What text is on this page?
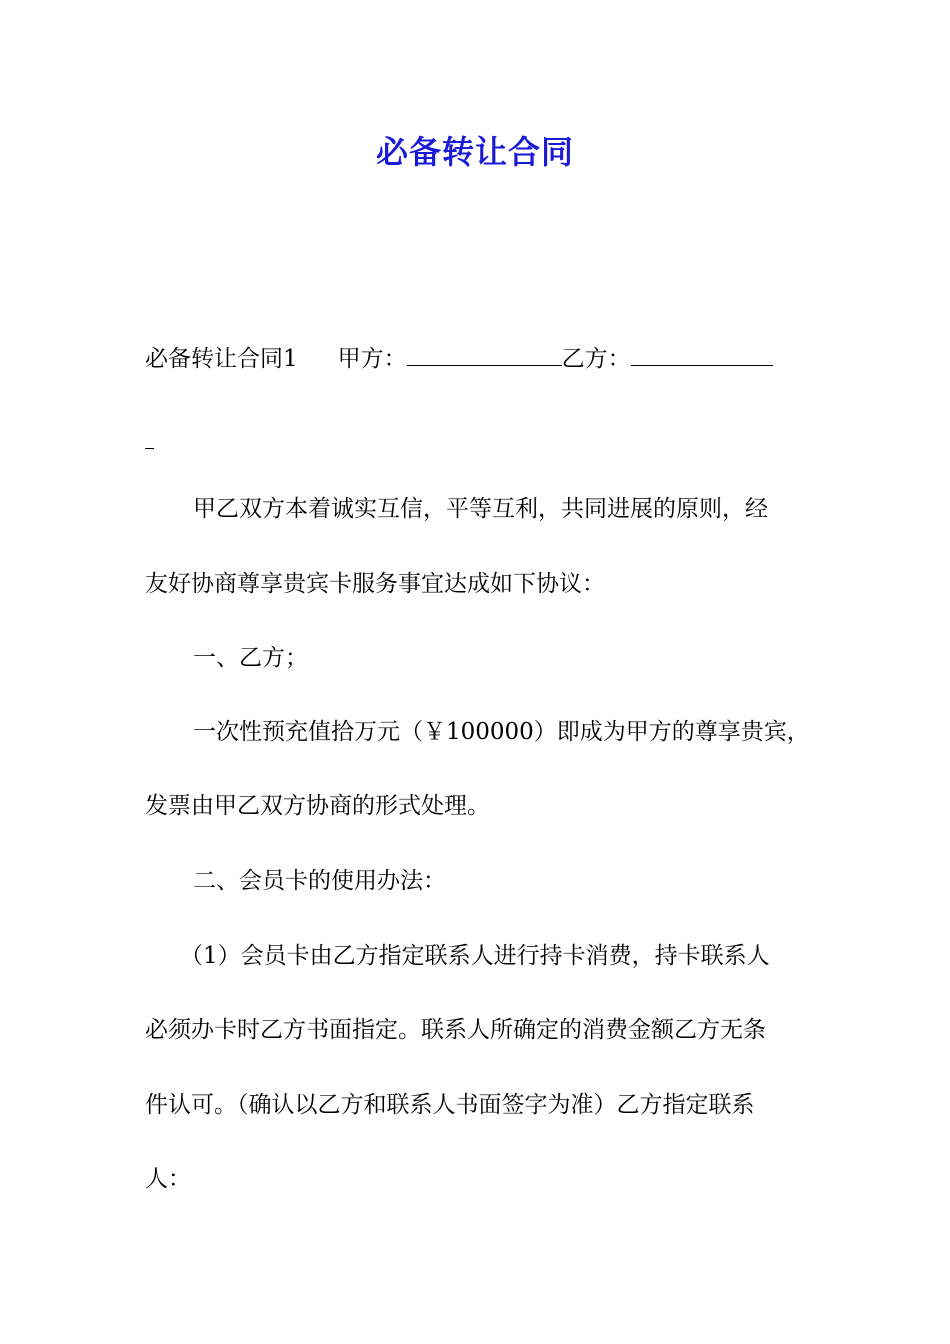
必备转让合同
必备转让合同1 甲方：	乙方：
甲乙双方本着诚实互信，平等互利，共同进展的原则，经
友好协商尊享贵宾卡服务事宜达成如下协议：
一、乙方；
一次性预充值拾万元（￥100000）即成为甲方的尊享贵宾，
发票由甲乙双方协商的形式处理。
二、会员卡的使用办法：
（1）会员卡由乙方指定联系人进行持卡消费，持卡联系人
必须办卡时乙方书面指定。联系人所确定的消费金额乙方无条
件认可。（确认以乙方和联系人书面签字为准）乙方指定联系
人：
